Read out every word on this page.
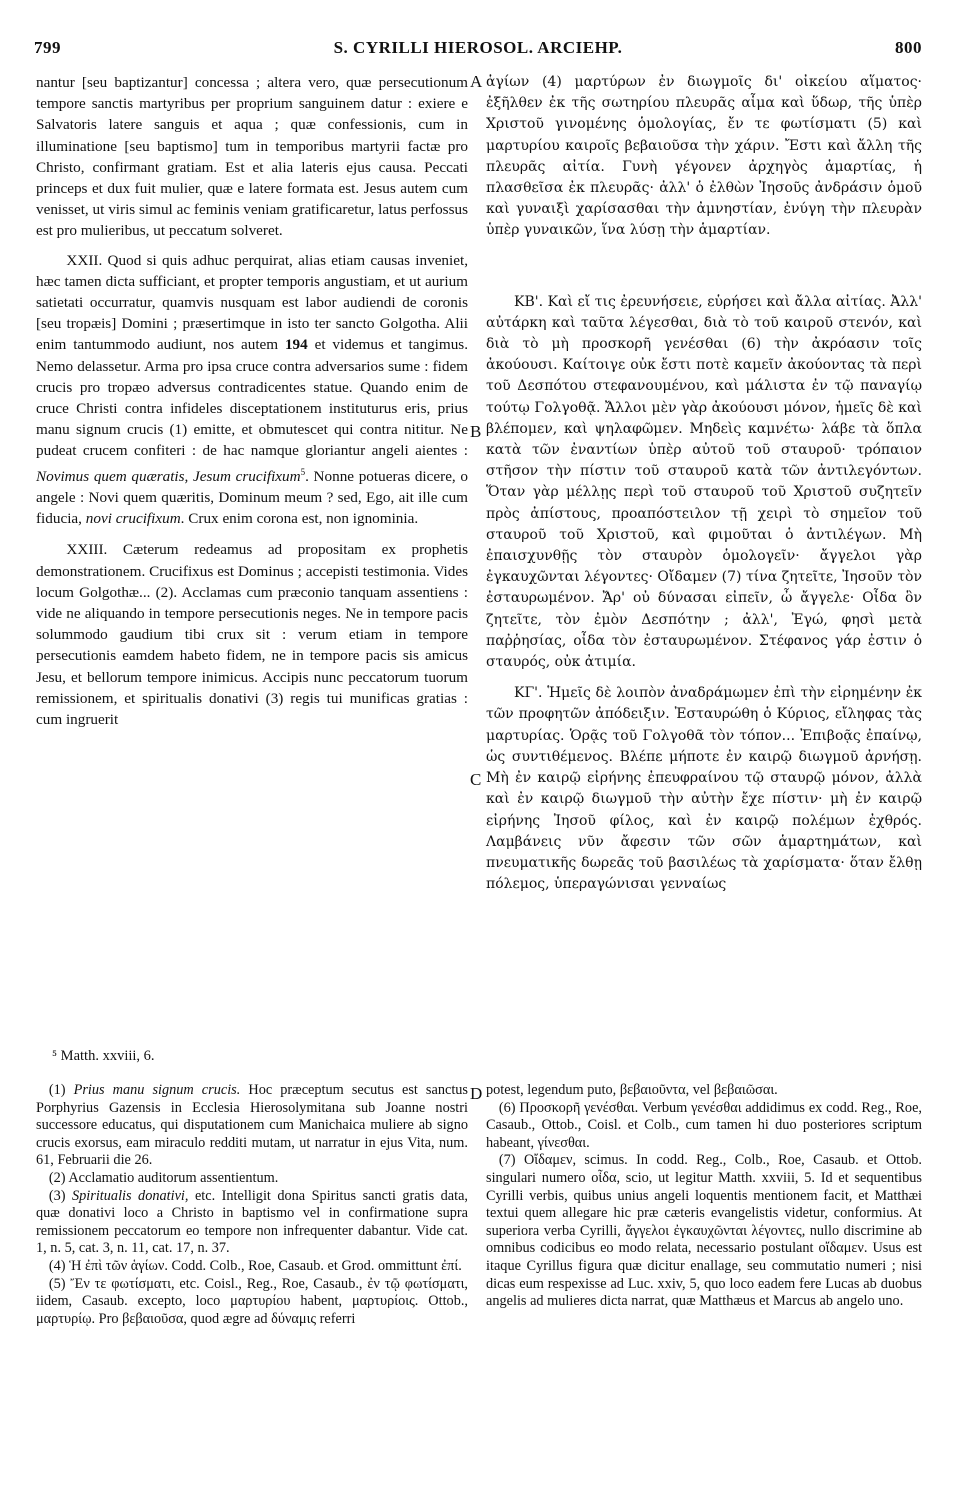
799	S. CYRILLI HIEROSOL. ARCIEHP.	800
A
B
C
D

nantur [seu baptizantur] concessa ; altera vero, quæ persecutionum tempore sanctis martyribus per proprium sanguinem datur : exiere e Salvatoris latere sanguis et aqua ; quæ confessionis, cum in illuminatione [seu baptismo] tum in temporibus martyrii factæ pro Christo, confirmant gratiam. Est et alia lateris ejus causa. Peccati princeps et dux fuit mulier, quæ e latere formata est. Jesus autem cum venisset, ut viris simul ac feminis veniam gratificaretur, latus perfossus est pro mulieribus, ut peccatum solveret.

XXII. Quod si quis adhuc perquirat, alias etiam causas inveniet, hæc tamen dicta sufficiant, et propter temporis angustiam, et ut aurium satietati occurratur, quamvis nusquam est labor audiendi de coronis [seu tropæis] Domini ; præsertimque in isto ter sancto Golgotha. Alii enim tantummodo audiunt, nos autem 194 et videmus et tangimus. Nemo delassetur. Arma pro ipsa cruce contra adversarios sume : fidem crucis pro tropæo adversus contradicentes statue. Quando enim de cruce Christi contra infideles disceptationem instituturus eris, prius manu signum crucis (1) emitte, et obmutescet qui contra nititur. Ne pudeat crucem confiteri : de hac namque gloriantur angeli aientes : Novimus quem quæratis, Jesum crucifixum$^5$. Nonne potueras dicere, o angele : Novi quem quæritis, Dominum meum ? sed, Ego, ait ille cum fiducia, novi crucifixum. Crux enim corona est, non ignominia.

XXIII. Cæterum redeamus ad propositam ex prophetis demonstrationem. Crucifixus est Dominus ; accepisti testimonia. Vides locum Golgothæ... (2). Acclamas cum præconio tanquam assentiens : vide ne aliquando in tempore persecutionis neges. Ne in tempore pacis solummodo gaudium tibi crux sit : verum etiam in tempore persecutionis eamdem habeto fidem, ne in tempore pacis sis amicus Jesu, et bellorum tempore inimicus. Accipis nunc peccatorum tuorum remissionem, et spiritualis donativi (3) regis tui munificas gratias : cum ingruerit

ἁγίων (4) μαρτύρων ἐν διωγμοῖς δι' οἰκείου αἵματος· ἐξῆλθεν ἐκ τῆς σωτηρίου πλευρᾶς αἷμα καὶ ὕδωρ, τῆς ὑπὲρ Χριστοῦ γινομένης ὁμολογίας, ἔν τε φωτίσματι (5) καὶ μαρτυρίου καιροῖς βεβαιοῦσα τὴν χάριν. Ἔστι καὶ ἄλλη τῆς πλευρᾶς αἰτία. Γυνὴ γέγονεν ἀρχηγὸς ἁμαρτίας, ἡ πλασθεῖσα ἐκ πλευρᾶς· ἀλλ' ὁ ἐλθὼν Ἰησοῦς ἀνδράσιν ὁμοῦ καὶ γυναιξὶ χαρίσασθαι τὴν ἀμνηστίαν, ἐνύγη τὴν πλευρὰν ὑπὲρ γυναικῶν, ἵνα λύσῃ τὴν ἁμαρτίαν.

ΚΒ'. Καὶ εἴ τις ἐρευνήσειε, εὑρήσει καὶ ἄλλα αἰτίας. Ἀλλ' αὐτάρκη καὶ ταῦτα λέγεσθαι, διὰ τὸ τοῦ καιροῦ στενόν, καὶ διὰ τὸ μὴ προσκορῆ γενέσθαι (6) τὴν ἀκρόασιν τοῖς ἀκούουσι. Καίτοιγε οὐκ ἔστι ποτὲ καμεῖν ἀκούοντας τὰ περὶ τοῦ Δεσπότου στεφανουμένου, καὶ μάλιστα ἐν τῷ παναγίῳ τούτῳ Γολγοθᾷ. Ἄλλοι μὲν γὰρ ἀκούουσι μόνον, ἡμεῖς δὲ καὶ βλέπομεν, καὶ ψηλαφῶμεν. Μηδεὶς καμνέτω· λάβε τὰ ὅπλα κατὰ τῶν ἐναντίων ὑπὲρ αὐτοῦ τοῦ σταυροῦ· τρόπαιον στῆσον τὴν πίστιν τοῦ σταυροῦ κατὰ τῶν ἀντιλεγόντων. Ὅταν γὰρ μέλλῃς περὶ τοῦ σταυροῦ τοῦ Χριστοῦ συζητεῖν πρὸς ἀπίστους, προαπόστειλον τῇ χειρὶ τὸ σημεῖον τοῦ σταυροῦ τοῦ Χριστοῦ, καὶ φιμοῦται ὁ ἀντιλέγων. Μὴ ἐπαισχυνθῇς τὸν σταυρὸν ὁμολογεῖν· ἄγγελοι γὰρ ἐγκαυχῶνται λέγοντες· Οἴδαμεν (7) τίνα ζητεῖτε, Ἰησοῦν τὸν ἐσταυρωμένον. Ἄρ' οὐ δύνασαι εἰπεῖν, ὦ ἄγγελε· Οἶδα ὃν ζητεῖτε, τὸν ἐμὸν Δεσπότην ; ἀλλ', Ἐγώ, φησὶ μετὰ παῤῥησίας, οἶδα τὸν ἐσταυρωμένον. Στέφανος γάρ ἐστιν ὁ σταυρός, οὐκ ἀτιμία.

ΚΓ'. Ἡμεῖς δὲ λοιπὸν ἀναδράμωμεν ἐπὶ τὴν εἰρημένην ἐκ τῶν προφητῶν ἀπόδειξιν. Ἐσταυρώθη ὁ Κύριος, εἴληφας τὰς μαρτυρίας. Ὁρᾷς τοῦ Γολγοθᾶ τὸν τόπον... Ἐπιβοᾷς ἐπαίνῳ, ὡς συντιθέμενος. Βλέπε μήποτε ἐν καιρῷ διωγμοῦ ἀρνήσῃ. Μὴ ἐν καιρῷ εἰρήνης ἐπευφραίνου τῷ σταυρῷ μόνον, ἀλλὰ καὶ ἐν καιρῷ διωγμοῦ τὴν αὐτὴν ἔχε πίστιν· μὴ ἐν καιρῷ εἰρήνης Ἰησοῦ φίλος, καὶ ἐν καιρῷ πολέμων ἐχθρός. Λαμβάνεις νῦν ἄφεσιν τῶν σῶν ἁμαρτημάτων, καὶ πνευματικῆς δωρεᾶς τοῦ βασιλέως τὰ χαρίσματα· ὅταν ἔλθῃ πόλεμος, ὑπεραγώνισαι γενναίως

⁵ Matth. xxviii, 6.

(1) Prius manu signum crucis. Hoc præceptum secutus est sanctus Porphyrius Gazensis in Ecclesia Hierosolymitana sub Joanne nostri successore educatus, qui disputationem cum Manichaica muliere ab signo crucis exorsus, eam miraculo redditi mutam, ut narratur in ejus Vita, num. 61, Februarii die 26.

(2) Acclamatio auditorum assentientum.

(3) Spiritualis donativi, etc. Intelligit dona Spiritus sancti gratis data, quæ donativi loco a Christo in baptismo vel in confirmatione supra remissionem peccatorum eo tempore non infrequenter dabantur. Vide cat. 1, n. 5, cat. 3, n. 11, cat. 17, n. 37.

(4) Ἡ ἐπὶ τῶν ἁγίων. Codd. Colb., Roe, Casaub. et Grod. ommittunt ἐπί.

(5) Ἔν τε φωτίσματι, etc. Coisl., Reg., Roe, Casaub., ἐν τῷ φωτίσματι, iidem, Casaub. excepto, loco μαρτυρίου habent, μαρτυρίοις. Ottob., μαρτυρίῳ. Pro βεβαιοῦσα, quod ægre ad δύναμις referri

potest, legendum puto, βεβαιοῦντα, vel βεβαιῶσαι.

(6) Προσκορῆ γενέσθαι. Verbum γενέσθαι addidimus ex codd. Reg., Roe, Casaub., Ottob., Coisl. et Colb., cum tamen hi duo posteriores scriptum habeant, γίνεσθαι.

(7) Οἴδαμεν, scimus. In codd. Reg., Colb., Roe, Casaub. et Ottob. singulari numero οἶδα, scio, ut legitur Matth. xxviii, 5. Id et sequentibus Cyrilli verbis, quibus unius angeli loquentis mentionem facit, et Matthæi textui quem allegare hic præ cæteris evangelistis videtur, conformius. At superiora verba Cyrilli, ἄγγελοι ἐγκαυχῶνται λέγοντες, nullo discrimine ab omnibus codicibus eo modo relata, necessario postulant οἴδαμεν. Usus est itaque Cyrillus figura quæ dicitur enallage, seu commutatio numeri ; nisi dicas eum respexisse ad Luc. xxiv, 5, quo loco eadem fere Lucas ab duobus angelis ad mulieres dicta narrat, quæ Matthæus et Marcus ab angelo uno.
